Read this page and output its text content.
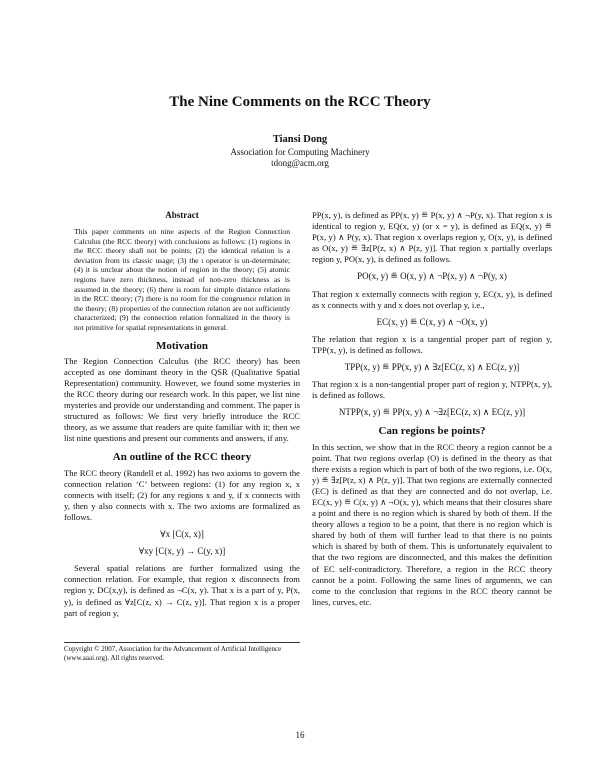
The Nine Comments on the RCC Theory
Tiansi Dong
Association for Computing Machinery
tdong@acm.org
Abstract

This paper comments on nine aspects of the Region Connection Calculus (the RCC theory) with conclusions as follows: (1) regions in the RCC theory shall not be points; (2) the identical relation is a deviation from its classic usage; (3) the ι operator is un-determinate; (4) it is unclear about the notion of region in the theory; (5) atomic regions have zero thickness, instead of non-zero thickness as is assumed in the theory; (6) there is room for simple distance relations in the RCC theory; (7) there is no room for the congruence relation in the theory; (8) properties of the connection relation are not sufficiently characterized; (9) the connection relation formalized in the theory is not primitive for spatial representations in general.

Motivation

The Region Connection Calculus (the RCC theory) has been accepted as one dominant theory in the QSR (Qualitative Spatial Representation) community. However, we found some mysteries in the RCC theory during our research work. In this paper, we list nine mysteries and provide our understanding and comment. The paper is structured as follows: We first very briefly introduce the RCC theory, as we assume that readers are quite familiar with it; then we list nine questions and present our comments and answers, if any.

An outline of the RCC theory

The RCC theory (Randell et al. 1992) has two axioms to govern the connection relation ‘C’ between regions: (1) for any region x, x connects with itself; (2) for any regions x and y, if x connects with y, then y also connects with x. The two axioms are formalized as follows.

∀x [C(x, x)]
∀xy [C(x, y) → C(y, x)]

Several spatial relations are further formalized using the connection relation. For example, that region x disconnects from region y, DC(x,y), is defined as ¬C(x, y). That x is a part of y, P(x, y), is defined as ∀z[C(z, x) → C(z, y)]. That region x is a proper part of region y,

Copyright © 2007, Association for the Advancement of Artificial Intelligence (www.aaai.org). All rights reserved.

PP(x, y), is defined as PP(x, y) ≝ P(x, y) ∧ ¬P(y, x). That region x is identical to region y, EQ(x, y) (or x = y), is defined as EQ(x, y) ≝ P(x, y) ∧ P(y, x). That region x overlaps region y, O(x, y), is defined as O(x, y) ≝ ∃z[P(z, x) ∧ P(z, y)]. That region x partially overlaps region y, PO(x, y), is defined as follows.

PO(x, y) ≝ O(x, y) ∧ ¬P(x, y) ∧ ¬P(y, x)

That region x externally connects with region y, EC(x, y), is defined as x connects with y and x does not overlap y, i.e.,

EC(x, y) ≝ C(x, y) ∧ ¬O(x, y)

The relation that region x is a tangential proper part of region y, TPP(x, y), is defined as follows.

TPP(x, y) ≝ PP(x, y) ∧ ∃z[EC(z, x) ∧ EC(z, y)]

That region x is a non-tangential proper part of region y, NTPP(x, y), is defined as follows.

NTPP(x, y) ≝ PP(x, y) ∧ ¬∃z[EC(z, x) ∧ EC(z, y)]
Can regions be points?

In this section, we show that in the RCC theory a region cannot be a point. That two regions overlap (O) is defined in the theory as that there exists a region which is part of both of the two regions, i.e. O(x, y) ≝ ∃z[P(z, x) ∧ P(z, y)]. That two regions are externally connected (EC) is defined as that they are connected and do not overlap, i.e. EC(x, y) ≝ C(x, y) ∧ ¬O(x, y), which means that their closures share a point and there is no region which is shared by both of them. If the theory allows a region to be a point, that there is no region which is shared by both of them will further lead to that there is no points which is shared by both of them. This is unfortunately equivalent to that the two regions are disconnected, and this makes the definition of EC self-contradictory. Therefore, a region in the RCC theory cannot be a point. Following the same lines of arguments, we can come to the conclusion that regions in the RCC theory cannot be lines, curves, etc.

16
